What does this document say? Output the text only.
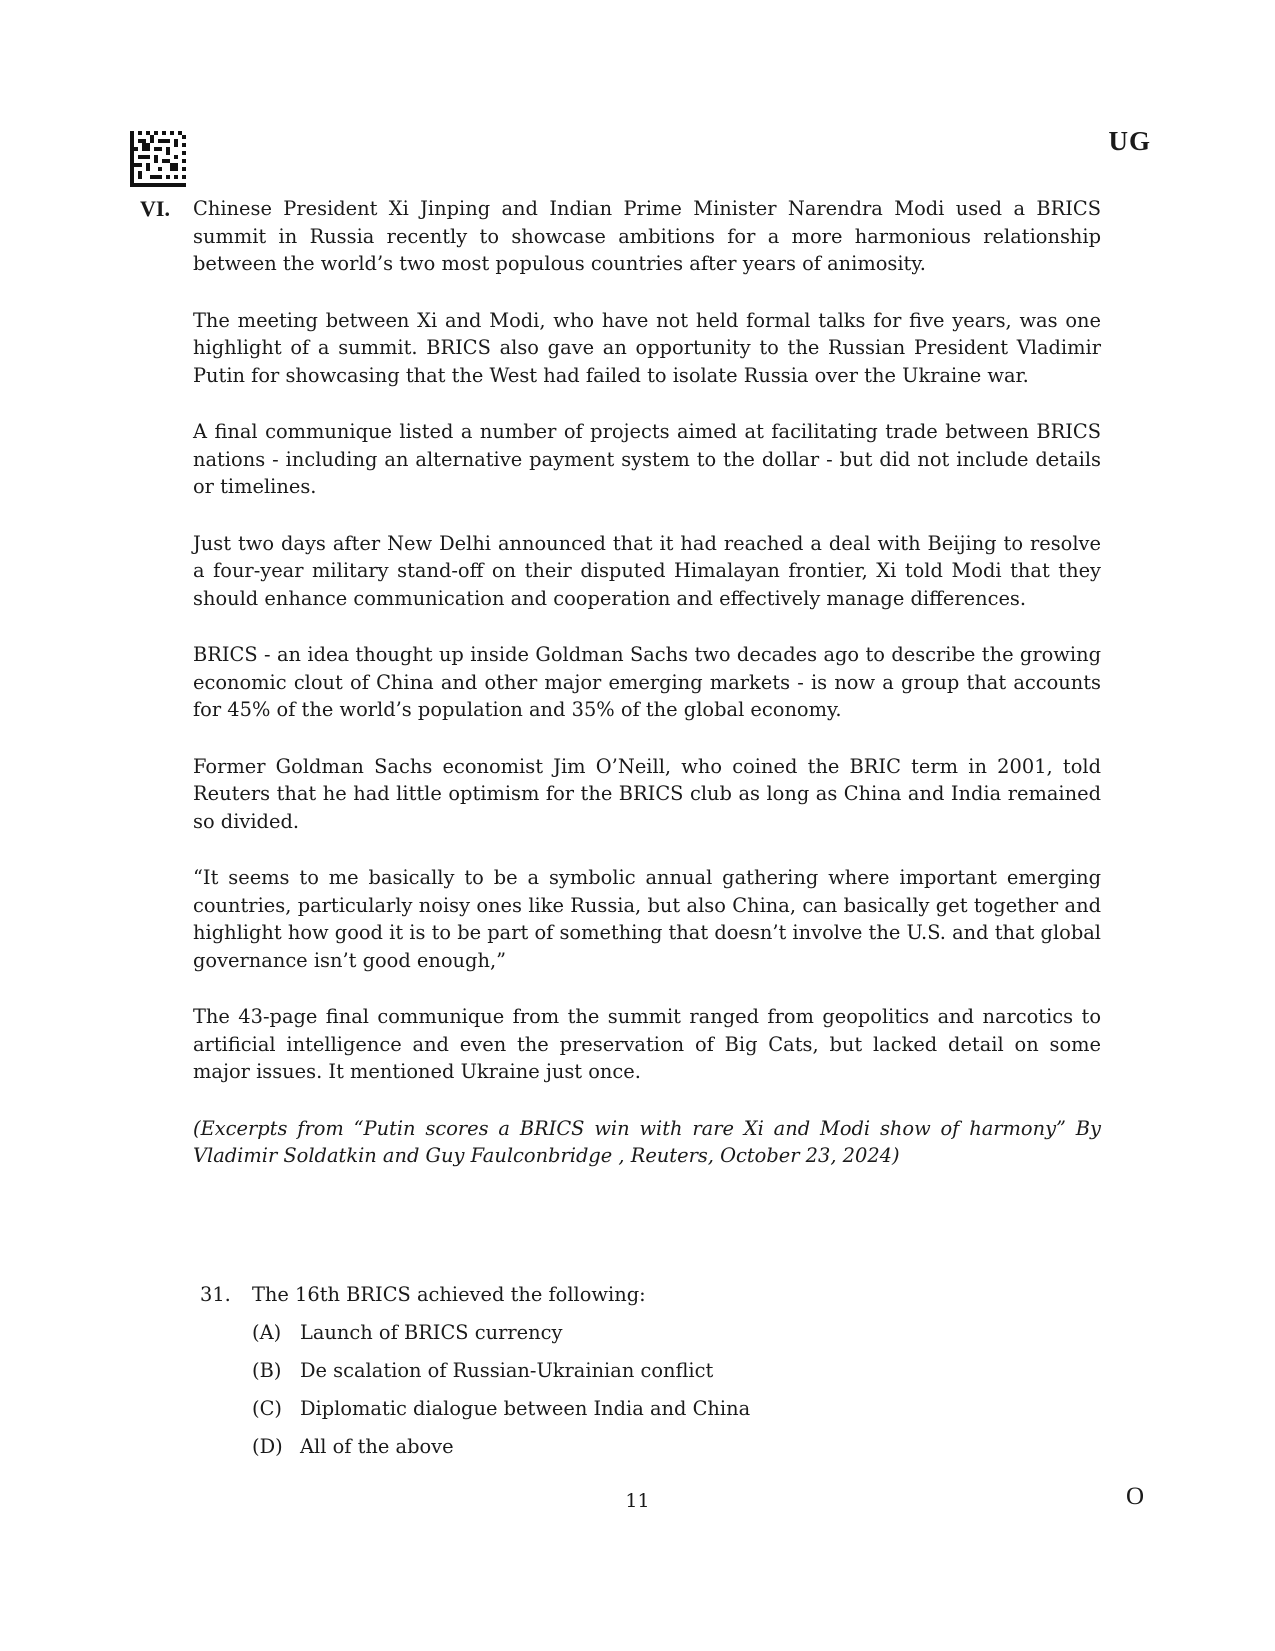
UG
VI. Chinese President Xi Jinping and Indian Prime Minister Narendra Modi used a BRICS summit in Russia recently to showcase ambitions for a more harmonious relationship between the world’s two most populous countries after years of animosity.

The meeting between Xi and Modi, who have not held formal talks for five years, was one highlight of a summit. BRICS also gave an opportunity to the Russian President Vladimir Putin for showcasing that the West had failed to isolate Russia over the Ukraine war.

A final communique listed a number of projects aimed at facilitating trade between BRICS nations - including an alternative payment system to the dollar - but did not include details or timelines.

Just two days after New Delhi announced that it had reached a deal with Beijing to resolve a four-year military stand-off on their disputed Himalayan frontier, Xi told Modi that they should enhance communication and cooperation and effectively manage differences.

BRICS - an idea thought up inside Goldman Sachs two decades ago to describe the growing economic clout of China and other major emerging markets - is now a group that accounts for 45% of the world’s population and 35% of the global economy.

Former Goldman Sachs economist Jim O’Neill, who coined the BRIC term in 2001, told Reuters that he had little optimism for the BRICS club as long as China and India remained so divided.

“It seems to me basically to be a symbolic annual gathering where important emerging countries, particularly noisy ones like Russia, but also China, can basically get together and highlight how good it is to be part of something that doesn’t involve the U.S. and that global governance isn’t good enough,”

The 43-page final communique from the summit ranged from geopolitics and narcotics to artificial intelligence and even the preservation of Big Cats, but lacked detail on some major issues. It mentioned Ukraine just once.

(Excerpts from “Putin scores a BRICS win with rare Xi and Modi show of harmony” By Vladimir Soldatkin and Guy Faulconbridge , Reuters, October 23, 2024)

31.	The 16th BRICS achieved the following:
(A) Launch of BRICS currency
(B) De scalation of Russian-Ukrainian conflict
(C) Diplomatic dialogue between India and China
(D) All of the above
11	O
